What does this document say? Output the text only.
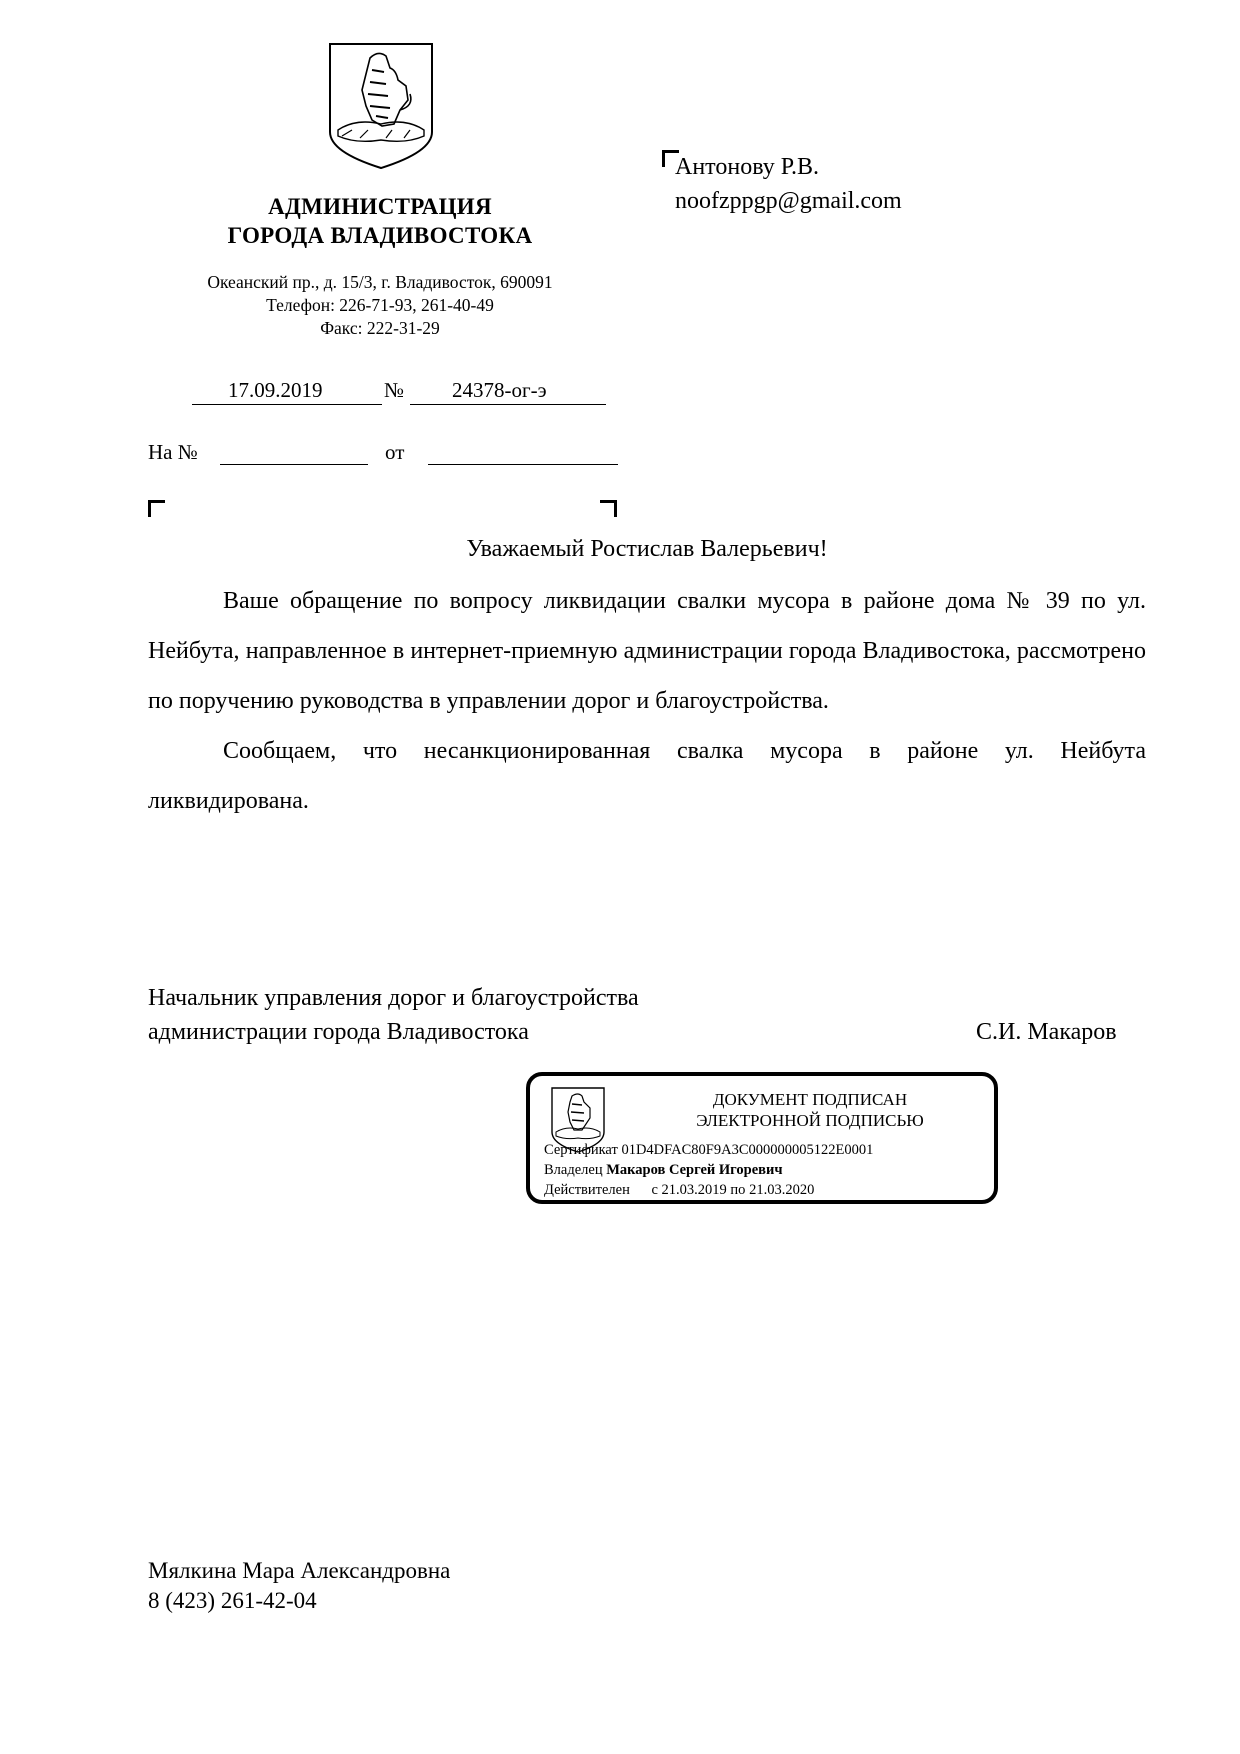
АДМИНИСТРАЦИЯ
ГОРОДА ВЛАДИВОСТОКА
Океанский пр., д. 15/3, г. Владивосток, 690091
Телефон: 226-71-93, 261-40-49
Факс: 222-31-29
Антонову Р.В.
noofzppgp@gmail.com
17.09.2019	№ 24378-ог-э
На №	от
Уважаемый Ростислав Валерьевич!

Ваше обращение по вопросу ликвидации свалки мусора в районе дома № 39 по ул. Нейбута, направленное в интернет-приемную администрации города Владивостока, рассмотрено по поручению руководства в управлении дорог и благоустройства.

Сообщаем, что несанкционированная свалка мусора в районе ул. Нейбута ликвидирована.

Начальник управления дорог и благоустройства
администрации города Владивостока	С.И. Макаров
ДОКУМЕНТ ПОДПИСАН
ЭЛЕКТРОННОЙ ПОДПИСЬЮ
Сертификат 01D4DFAC80F9A3C000000005122E0001
Владелец Макаров Сергей Игоревич
Действителен с 21.03.2019 по 21.03.2020
Мялкина Мара Александровна
8 (423) 261-42-04
